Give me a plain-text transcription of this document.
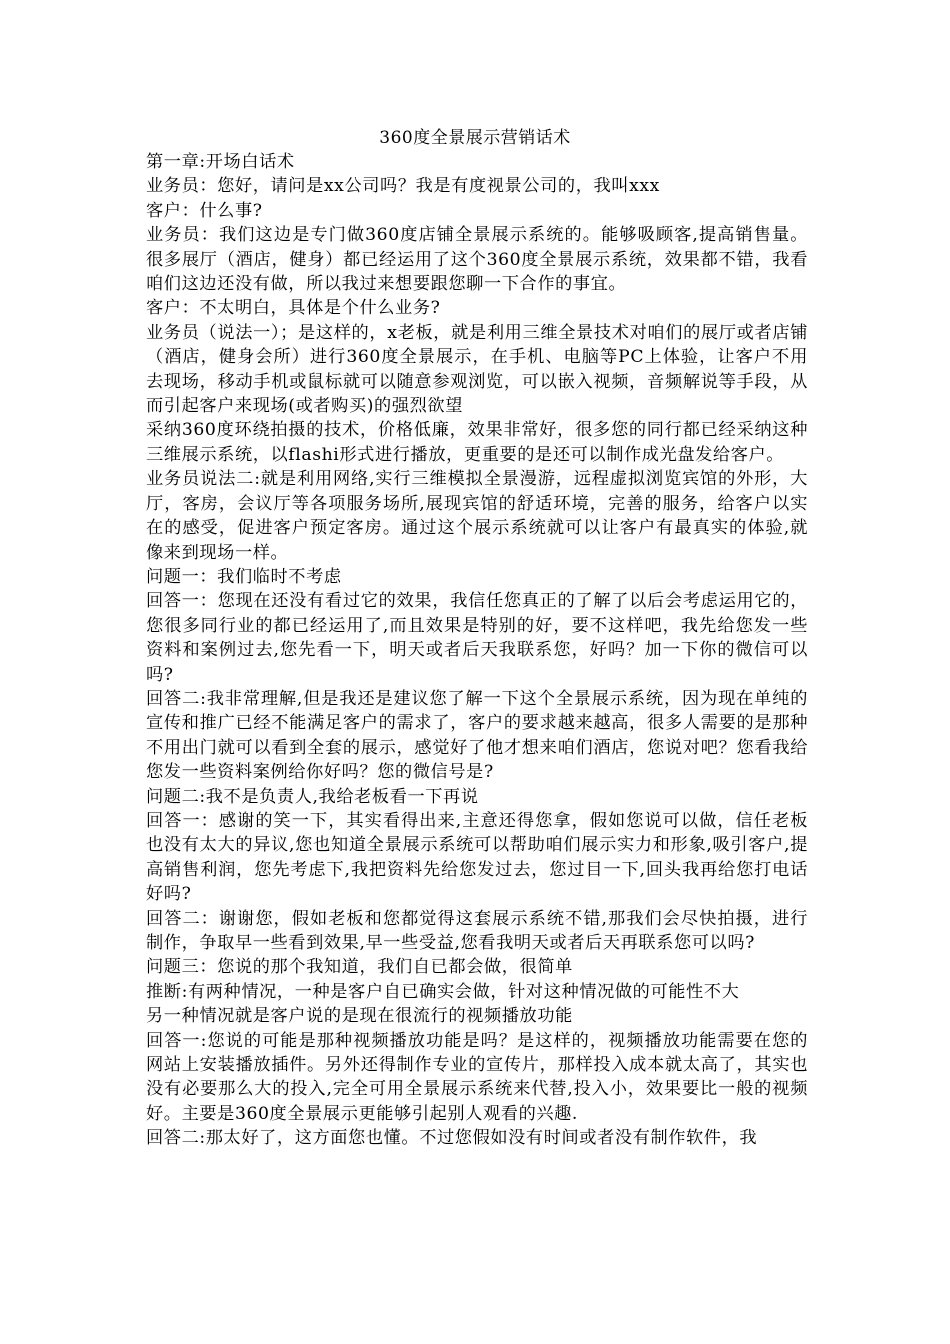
360度全景展示营销话术

第一章:开场白话术

业务员：您好，请问是xx公司吗？我是有度视景公司的，我叫xxx

客户：什么事?

业务员：我们这边是专门做360度店铺全景展示系统的。能够吸顾客,提高销售量。很多展厅（酒店，健身）都已经运用了这个360度全景展示系统，效果都不错，我看咱们这边还没有做，所以我过来想要跟您聊一下合作的事宜。

客户：不太明白，具体是个什么业务?

业务员（说法一）；是这样的，x老板，就是利用三维全景技术对咱们的展厅或者店铺（酒店，健身会所）进行360度全景展示，在手机、电脑等PC上体验，让客户不用去现场，移动手机或鼠标就可以随意参观浏览，可以嵌入视频，音频解说等手段，从而引起客户来现场(或者购买)的强烈欲望

采纳360度环绕拍摄的技术，价格低廉，效果非常好，很多您的同行都已经采纳这种三维展示系统，以flashi形式进行播放，更重要的是还可以制作成光盘发给客户。

业务员说法二:就是利用网络,实行三维模拟全景漫游，远程虚拟浏览宾馆的外形，大厅，客房，会议厅等各项服务场所,展现宾馆的舒适环境，完善的服务，给客户以实在的感受，促进客户预定客房。通过这个展示系统就可以让客户有最真实的体验,就像来到现场一样。

问题一：我们临时不考虑

回答一：您现在还没有看过它的效果，我信任您真正的了解了以后会考虑运用它的，您很多同行业的都已经运用了,而且效果是特别的好，要不这样吧，我先给您发一些资料和案例过去,您先看一下，明天或者后天我联系您，好吗？加一下你的微信可以吗?

回答二:我非常理解,但是我还是建议您了解一下这个全景展示系统，因为现在单纯的宣传和推广已经不能满足客户的需求了，客户的要求越来越高，很多人需要的是那种不用出门就可以看到全套的展示，感觉好了他才想来咱们酒店，您说对吧？您看我给您发一些资料案例给你好吗？您的微信号是?

问题二:我不是负责人,我给老板看一下再说

回答一：感谢的笑一下，其实看得出来,主意还得您拿，假如您说可以做，信任老板也没有太大的异议,您也知道全景展示系统可以帮助咱们展示实力和形象,吸引客户,提高销售利润，您先考虑下,我把资料先给您发过去，您过目一下,回头我再给您打电话好吗?

回答二：谢谢您，假如老板和您都觉得这套展示系统不错,那我们会尽快拍摄，进行制作，争取早一些看到效果,早一些受益,您看我明天或者后天再联系您可以吗?

问题三：您说的那个我知道，我们自已都会做，很简单

推断:有两种情况，一种是客户自已确实会做，针对这种情况做的可能性不大

另一种情况就是客户说的是现在很流行的视频播放功能

回答一:您说的可能是那种视频播放功能是吗？是这样的，视频播放功能需要在您的网站上安装播放插件。另外还得制作专业的宣传片，那样投入成本就太高了，其实也没有必要那么大的投入,完全可用全景展示系统来代替,投入小，效果要比一般的视频好。主要是360度全景展示更能够引起别人观看的兴趣.

回答二:那太好了，这方面您也懂。不过您假如没有时间或者没有制作软件，我
